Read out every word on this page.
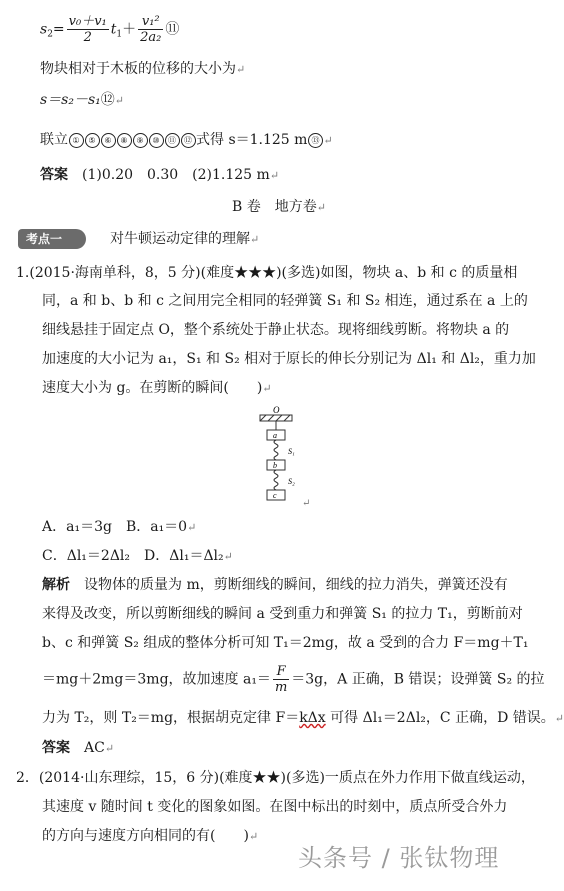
$s_2= \frac{\text{v₀＋v₁}}{2} t_1+ \frac{\text{v₁²}}{\text{2a₂}}$ ⑪
物块相对于木板的位移的大小为↵
s＝s₂－s₁⑫↵
联立 ① ⑤ ⑥ ⑧ ⑨ ⑩ ⑪ ⑫ 式得 s＝1.125 m ⑬ ↵
答案　 (1)0.20　0.30　(2)1.125 m↵
B 卷　地方卷↵
考点一	对牛顿运动定律的理解↵
1.(2015·海南单科，8，5 分)(难度★★★)(多选)如图，物块 a、b 和 c 的质量相
同，a 和 b、b 和 c 之间用完全相同的轻弹簧 S₁ 和 S₂ 相连，通过系在 a 上的
细线悬挂于固定点 O，整个系统处于静止状态。现将细线剪断。将物块 a 的
加速度的大小记为 a₁，S₁ 和 S₂ 相对于原长的伸长分别记为 Δl₁ 和 Δl₂，重力加
速度大小为 g。在剪断的瞬间(　　)↵
O
a
S₁
b
S₂
c
↵
A．a₁＝3g　B．a₁＝0↵
C．Δl₁＝2Δl₂　D．Δl₁＝Δl₂↵
解析　 设物体的质量为 m，剪断细线的瞬间，细线的拉力消失，弹簧还没有
来得及改变，所以剪断细线的瞬间 a 受到重力和弹簧 S₁ 的拉力 T₁，剪断前对
b、c 和弹簧 S₂ 组成的整体分析可知 T₁＝2mg，故 a 受到的合力 F＝mg＋T₁
＝mg＋2mg＝3mg，故加速度 $a_1= \frac{F}{m} =3g$，A 正确，B 错误；设弹簧 S₂ 的拉
力为 T₂，则 T₂＝mg，根据胡克定律 F＝kΔx 可得 Δl₁＝2Δl₂，C 正确，D 错误。↵
答案　 AC↵
2．(2014·山东理综，15，6 分)(难度★★)(多选)一质点在外力作用下做直线运动，
其速度 v 随时间 t 变化的图象如图。在图中标出的时刻中，质点所受合外力
的方向与速度方向相同的有(　　)↵
头条号 / 张钛物理
